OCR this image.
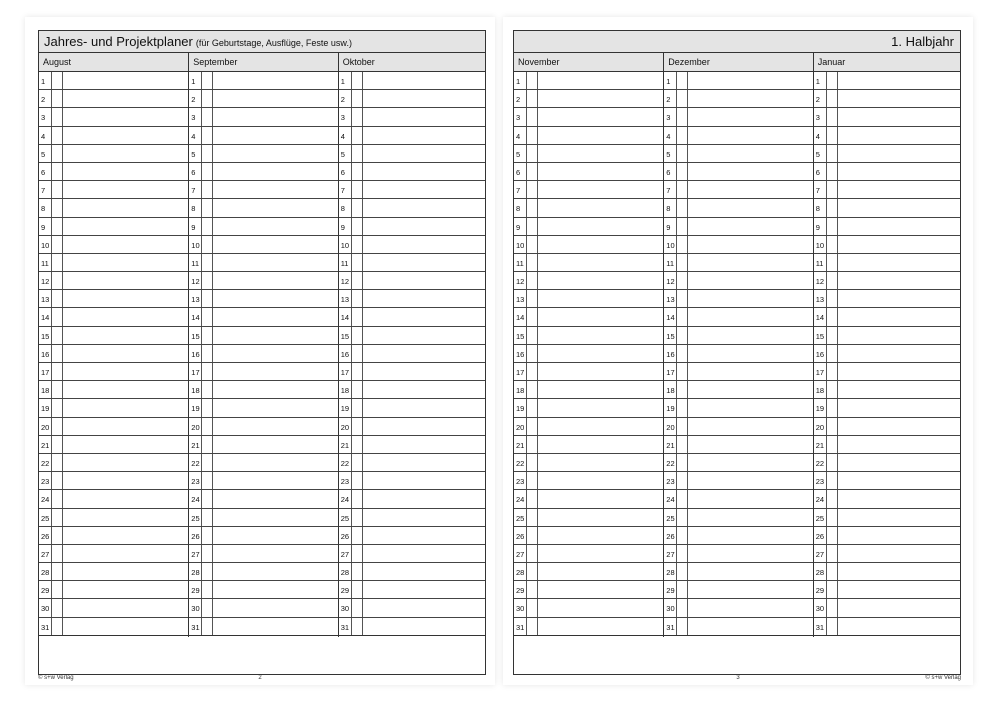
Jahres- und Projektplaner (für Geburtstage, Ausflüge, Feste usw.)
August
1
2
3
4
5
6
7
8
9
10
11
12
13
14
15
16
17
18
19
20
21
22
23
24
25
26
27
28
29
30
31
September
1
2
3
4
5
6
7
8
9
10
11
12
13
14
15
16
17
18
19
20
21
22
23
24
25
26
27
28
29
30
31
Oktober
1
2
3
4
5
6
7
8
9
10
11
12
13
14
15
16
17
18
19
20
21
22
23
24
25
26
27
28
29
30
31
© s+w Verlag	2
1. Halbjahr
November
1
2
3
4
5
6
7
8
9
10
11
12
13
14
15
16
17
18
19
20
21
22
23
24
25
26
27
28
29
30
31
Dezember
1
2
3
4
5
6
7
8
9
10
11
12
13
14
15
16
17
18
19
20
21
22
23
24
25
26
27
28
29
30
31
Januar
1
2
3
4
5
6
7
8
9
10
11
12
13
14
15
16
17
18
19
20
21
22
23
24
25
26
27
28
29
30
31
3	© s+w Verlag
